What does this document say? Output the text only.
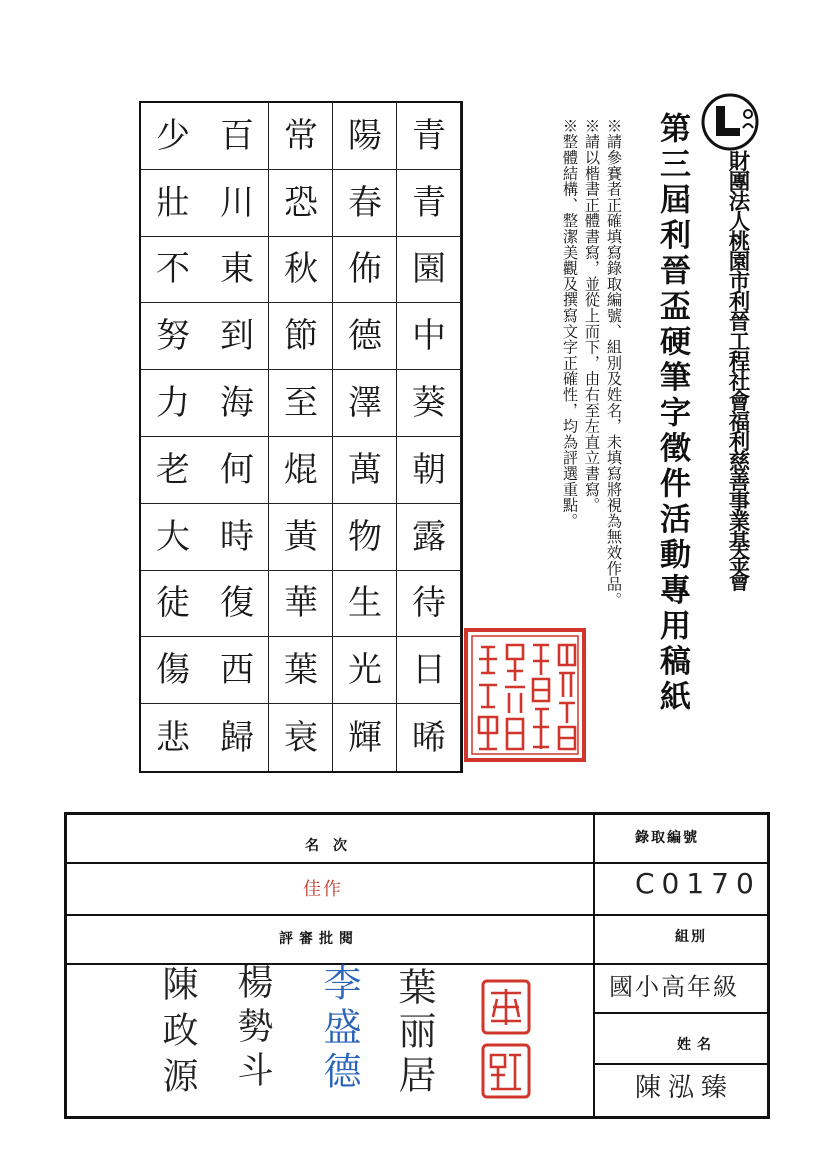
財團法人桃園市利晉工程社會福利慈善事業基金會
第三屆利晉盃硬筆字徵件活動專用稿紙
※請參賽者正確填寫錄取編號、組別及姓名，未填寫將視為無效作品。
※請以楷書正體書寫，並從上而下，由右至左直立書寫。
※整體結構、整潔美觀及撰寫文字正確性，均為評選重點。
青
青
園
中
葵
朝
露
待
日
晞
陽
春
佈
德
澤
萬
物
生
光
輝
常
恐
秋
節
至
焜
黃
華
葉
衰
百
川
東
到
海
何
時
復
西
歸
少
壯
不
努
力
老
大
徒
傷
悲
名次
佳作
評審批閱
錄取編號
C0170
組別
國小高年級
姓名
陳泓臻
陳政源 楊勢斗 李盛德 葉丽居
